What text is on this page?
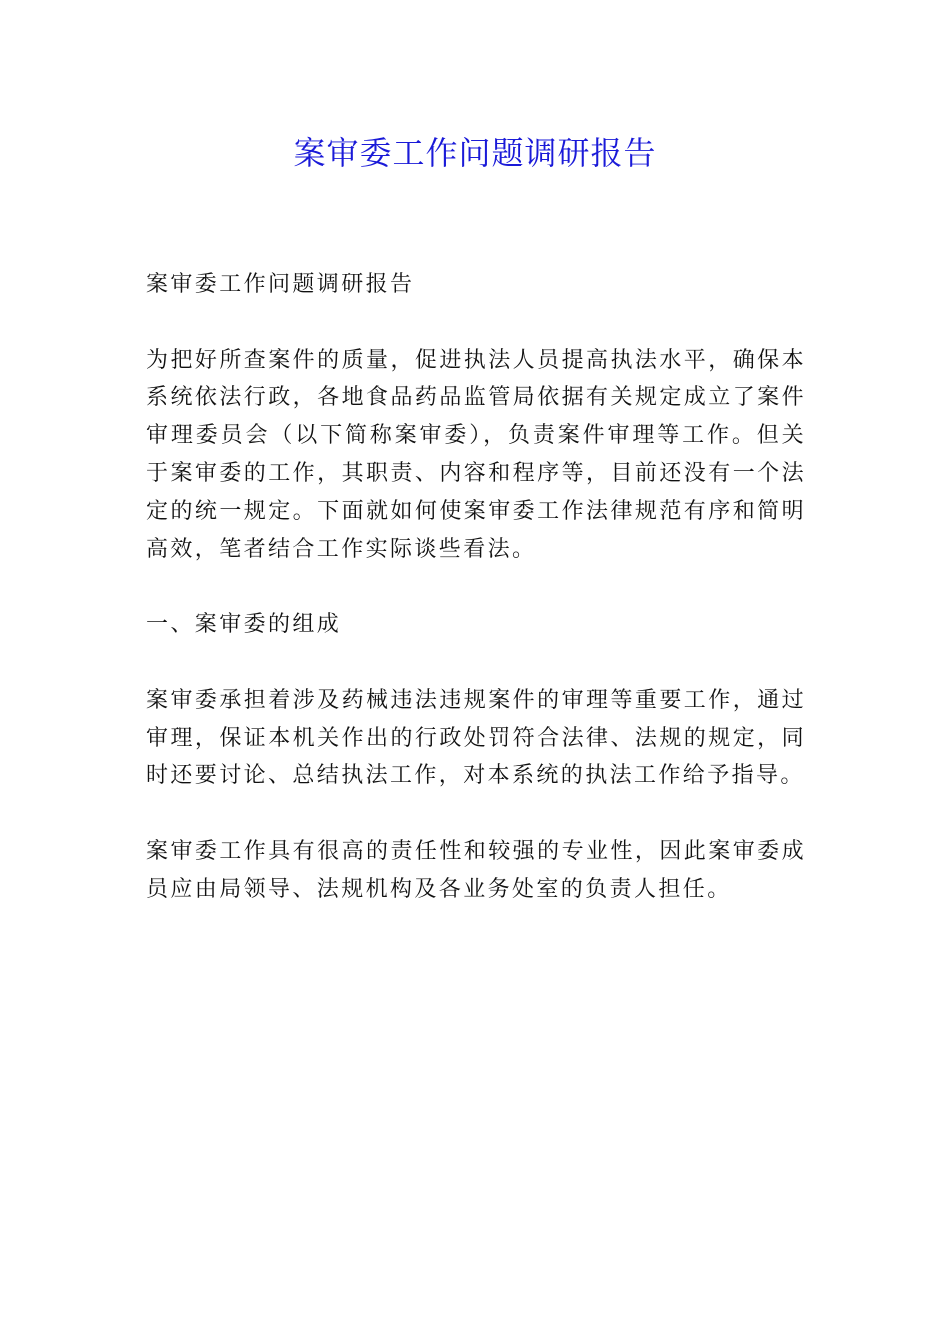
案审委工作问题调研报告

案审委工作问题调研报告

为把好所查案件的质量，促进执法人员提高执法水平，确保本系统依法行政，各地食品药品监管局依据有关规定成立了案件审理委员会（以下简称案审委），负责案件审理等工作。但关于案审委的工作，其职责、内容和程序等，目前还没有一个法定的统一规定。下面就如何使案审委工作法律规范有序和简明高效，笔者结合工作实际谈些看法。

一、案审委的组成

案审委承担着涉及药械违法违规案件的审理等重要工作，通过审理，保证本机关作出的行政处罚符合法律、法规的规定，同时还要讨论、总结执法工作，对本系统的执法工作给予指导。

案审委工作具有很高的责任性和较强的专业性，因此案审委成员应由局领导、法规机构及各业务处室的负责人担任。
